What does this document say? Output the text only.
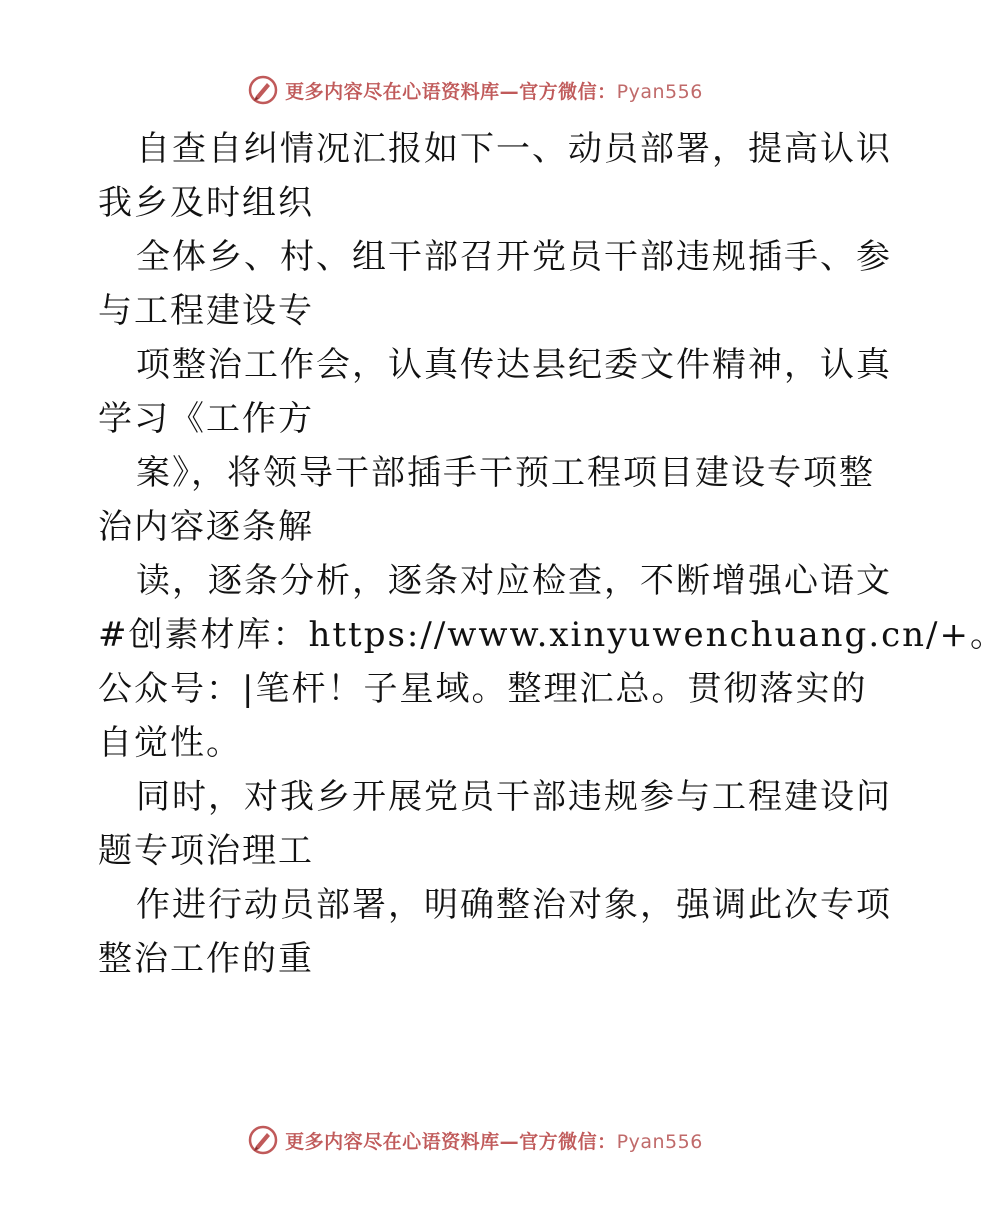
更多内容尽在心语资料库—官方微信：Pyan556
自查自纠情况汇报如下一、动员部署，提高认识
我乡及时组织
全体乡、村、组干部召开党员干部违规插手、参
与工程建设专
项整治工作会，认真传达县纪委文件精神，认真
学习《工作方
案》，将领导干部插手干预工程项目建设专项整
治内容逐条解
读，逐条分析，逐条对应检查，不断增强心语文
#创素材库：https://www.xinyuwenchuang.cn/+。
公众号：|笔杆！子星域。整理汇总。贯彻落实的
自觉性。
同时，对我乡开展党员干部违规参与工程建设问
题专项治理工
作进行动员部署，明确整治对象，强调此次专项
整治工作的重
更多内容尽在心语资料库—官方微信：Pyan556
